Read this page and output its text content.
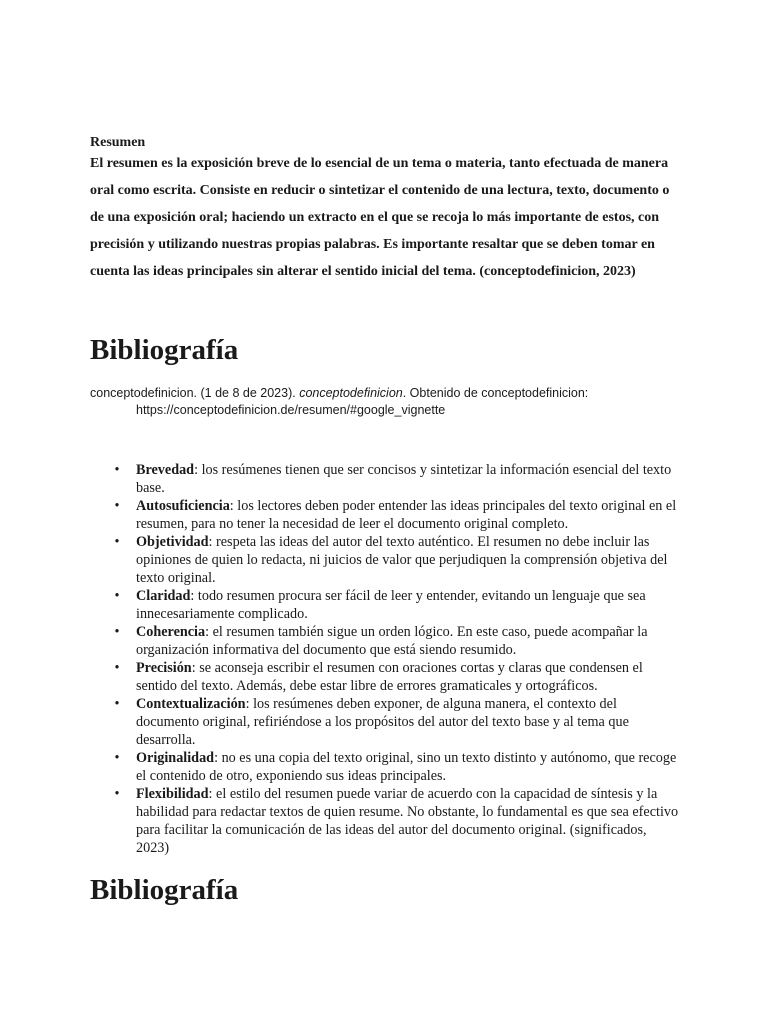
Resumen

El resumen es la exposición breve de lo esencial de un tema o materia, tanto efectuada de manera oral como escrita. Consiste en reducir o sintetizar el contenido de una lectura, texto, documento o de una exposición oral; haciendo un extracto en el que se recoja lo más importante de estos, con precisión y utilizando nuestras propias palabras. Es importante resaltar que se deben tomar en cuenta las ideas principales sin alterar el sentido inicial del tema. (conceptodefinicion, 2023)

Bibliografía
conceptodefinicion. (1 de 8 de 2023). conceptodefinicion. Obtenido de conceptodefinicion:
https://conceptodefinicion.de/resumen/#google_vignette
•	Brevedad: los resúmenes tienen que ser concisos y sintetizar la información esencial del texto base.
•	Autosuficiencia: los lectores deben poder entender las ideas principales del texto original en el resumen, para no tener la necesidad de leer el documento original completo.
•	Objetividad: respeta las ideas del autor del texto auténtico. El resumen no debe incluir las opiniones de quien lo redacta, ni juicios de valor que perjudiquen la comprensión objetiva del texto original.
•	Claridad: todo resumen procura ser fácil de leer y entender, evitando un lenguaje que sea innecesariamente complicado.
•	Coherencia: el resumen también sigue un orden lógico. En este caso, puede acompañar la organización informativa del documento que está siendo resumido.
•	Precisión: se aconseja escribir el resumen con oraciones cortas y claras que condensen el sentido del texto. Además, debe estar libre de errores gramaticales y ortográficos.
•	Contextualización: los resúmenes deben exponer, de alguna manera, el contexto del documento original, refiriéndose a los propósitos del autor del texto base y al tema que desarrolla.
•	Originalidad: no es una copia del texto original, sino un texto distinto y autónomo, que recoge el contenido de otro, exponiendo sus ideas principales.
•	Flexibilidad: el estilo del resumen puede variar de acuerdo con la capacidad de síntesis y la habilidad para redactar textos de quien resume. No obstante, lo fundamental es que sea efectivo para facilitar la comunicación de las ideas del autor del documento original. (significados, 2023)
Bibliografía
